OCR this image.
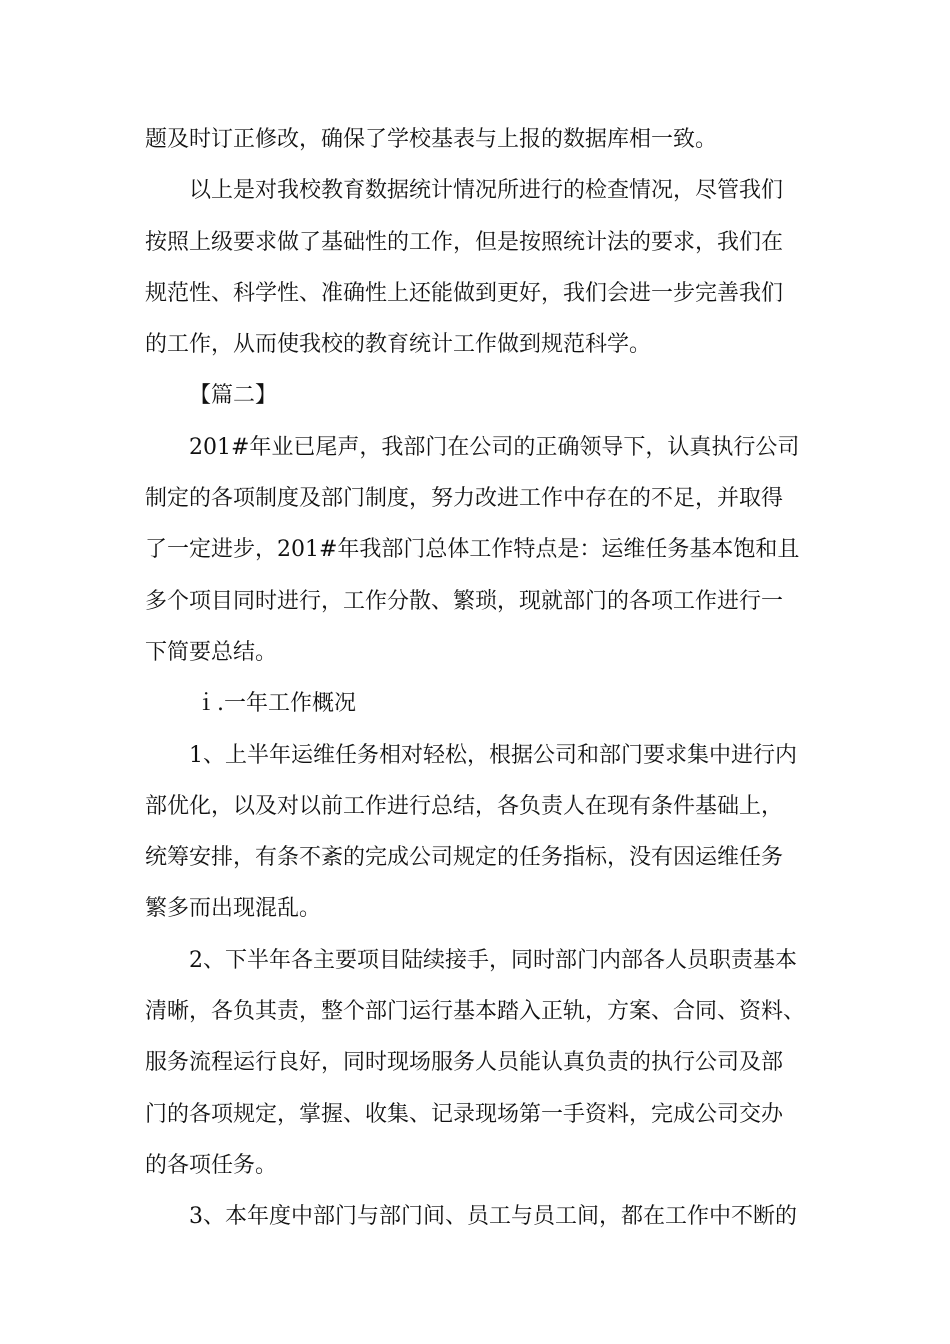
题及时订正修改，确保了学校基表与上报的数据库相一致。
以上是对我校教育数据统计情况所进行的检查情况，尽管我们
按照上级要求做了基础性的工作，但是按照统计法的要求，我们在
规范性、科学性、准确性上还能做到更好，我们会进一步完善我们
的工作，从而使我校的教育统计工作做到规范科学。
【篇二】
201#年业已尾声，我部门在公司的正确领导下，认真执行公司
制定的各项制度及部门制度，努力改进工作中存在的不足，并取得
了一定进步，201#年我部门总体工作特点是：运维任务基本饱和且
多个项目同时进行，工作分散、繁琐，现就部门的各项工作进行一
下简要总结。
ｉ.一年工作概况
1、上半年运维任务相对轻松，根据公司和部门要求集中进行内
部优化，以及对以前工作进行总结，各负责人在现有条件基础上，
统筹安排，有条不紊的完成公司规定的任务指标，没有因运维任务
繁多而出现混乱。
2、下半年各主要项目陆续接手，同时部门内部各人员职责基本
清晰，各负其责，整个部门运行基本踏入正轨，方案、合同、资料、
服务流程运行良好，同时现场服务人员能认真负责的执行公司及部
门的各项规定，掌握、收集、记录现场第一手资料，完成公司交办
的各项任务。
3、本年度中部门与部门间、员工与员工间，都在工作中不断的
